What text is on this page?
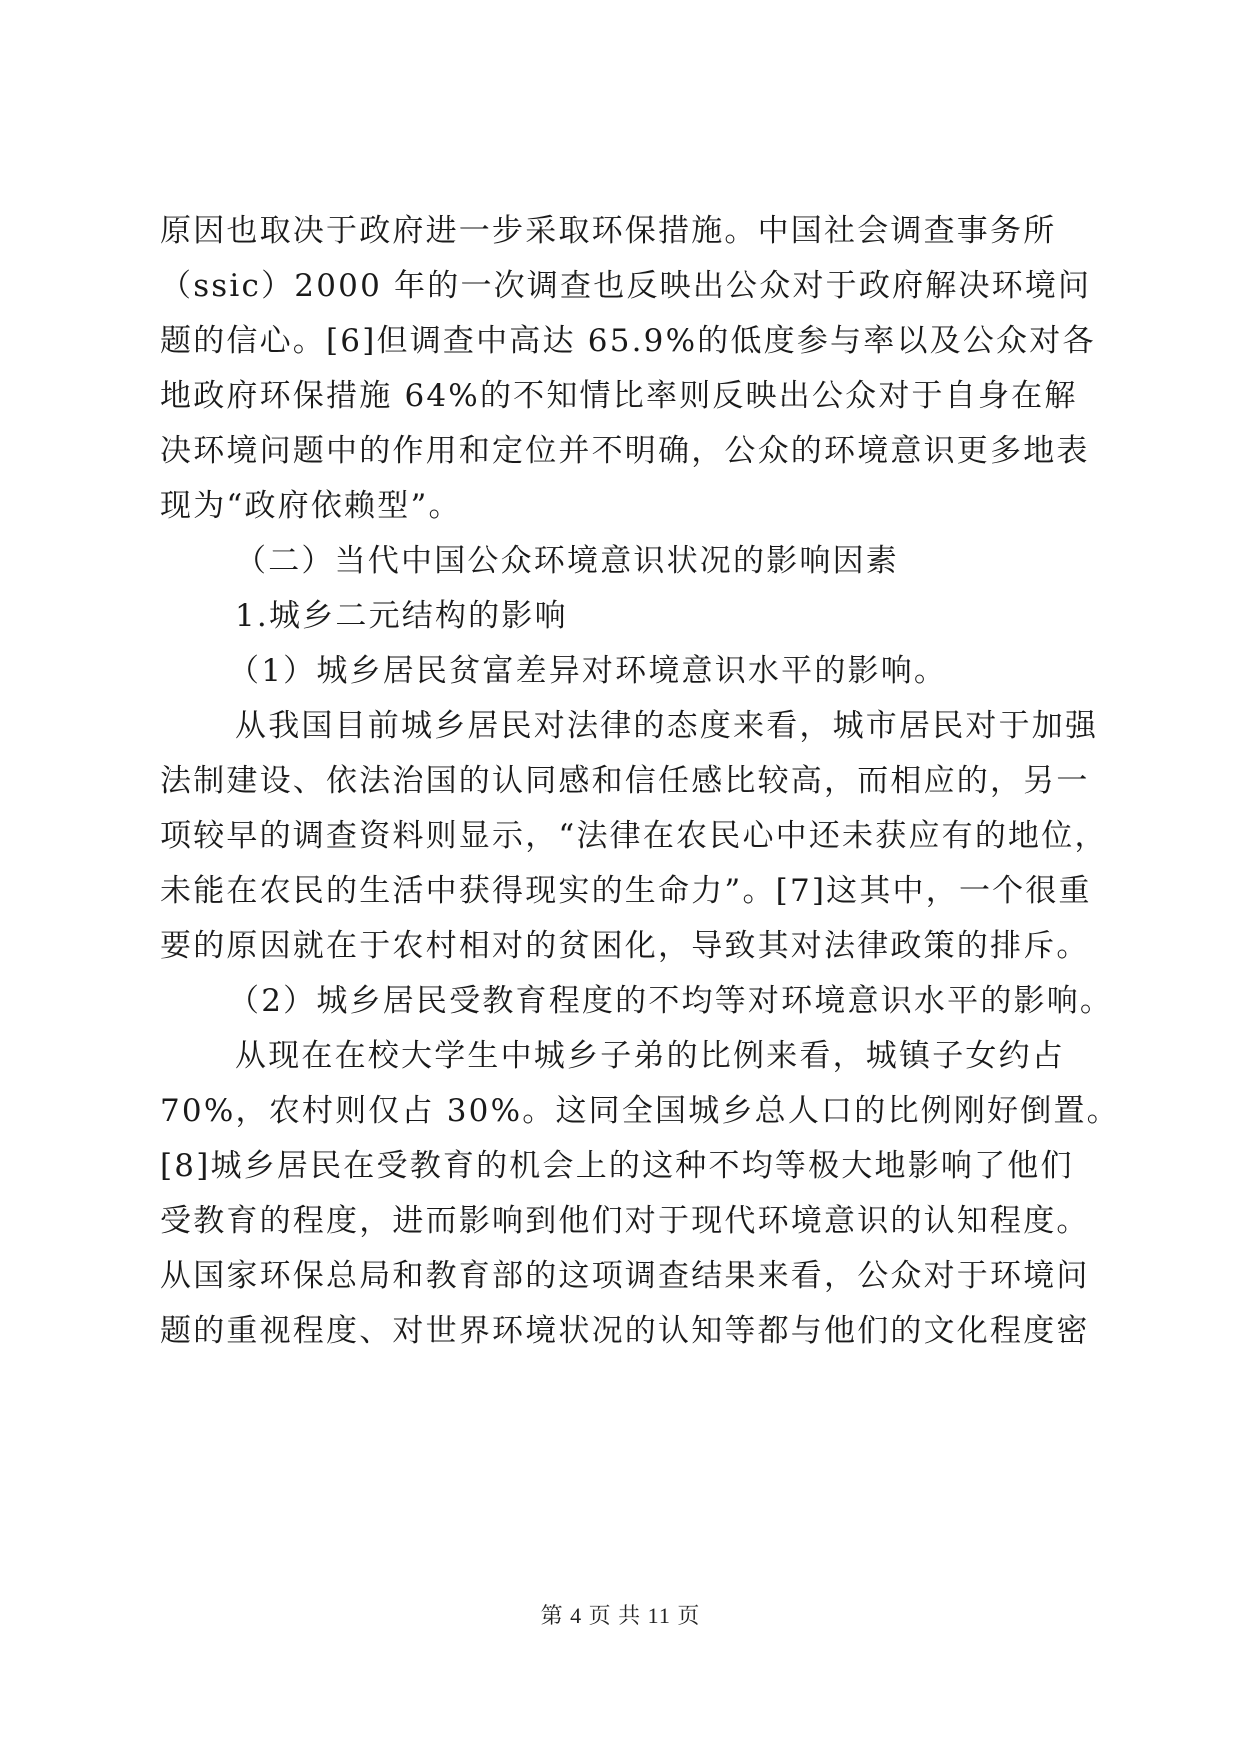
原因也取决于政府进一步采取环保措施。中国社会调查事务所
（ssic）2000 年的一次调查也反映出公众对于政府解决环境问
题的信心。[6]但调查中高达 65.9%的低度参与率以及公众对各
地政府环保措施 64%的不知情比率则反映出公众对于自身在解
决环境问题中的作用和定位并不明确，公众的环境意识更多地表
现为“政府依赖型”。
（二）当代中国公众环境意识状况的影响因素
1.城乡二元结构的影响
（1）城乡居民贫富差异对环境意识水平的影响。
从我国目前城乡居民对法律的态度来看，城市居民对于加强
法制建设、依法治国的认同感和信任感比较高，而相应的，另一
项较早的调查资料则显示，“法律在农民心中还未获应有的地位，
未能在农民的生活中获得现实的生命力”。[7]这其中，一个很重
要的原因就在于农村相对的贫困化，导致其对法律政策的排斥。
（2）城乡居民受教育程度的不均等对环境意识水平的影响。
从现在在校大学生中城乡子弟的比例来看，城镇子女约占
70%，农村则仅占 30%。这同全国城乡总人口的比例刚好倒置。
[8]城乡居民在受教育的机会上的这种不均等极大地影响了他们
受教育的程度，进而影响到他们对于现代环境意识的认知程度。
从国家环保总局和教育部的这项调查结果来看，公众对于环境问
题的重视程度、对世界环境状况的认知等都与他们的文化程度密
第 4 页 共 11 页
